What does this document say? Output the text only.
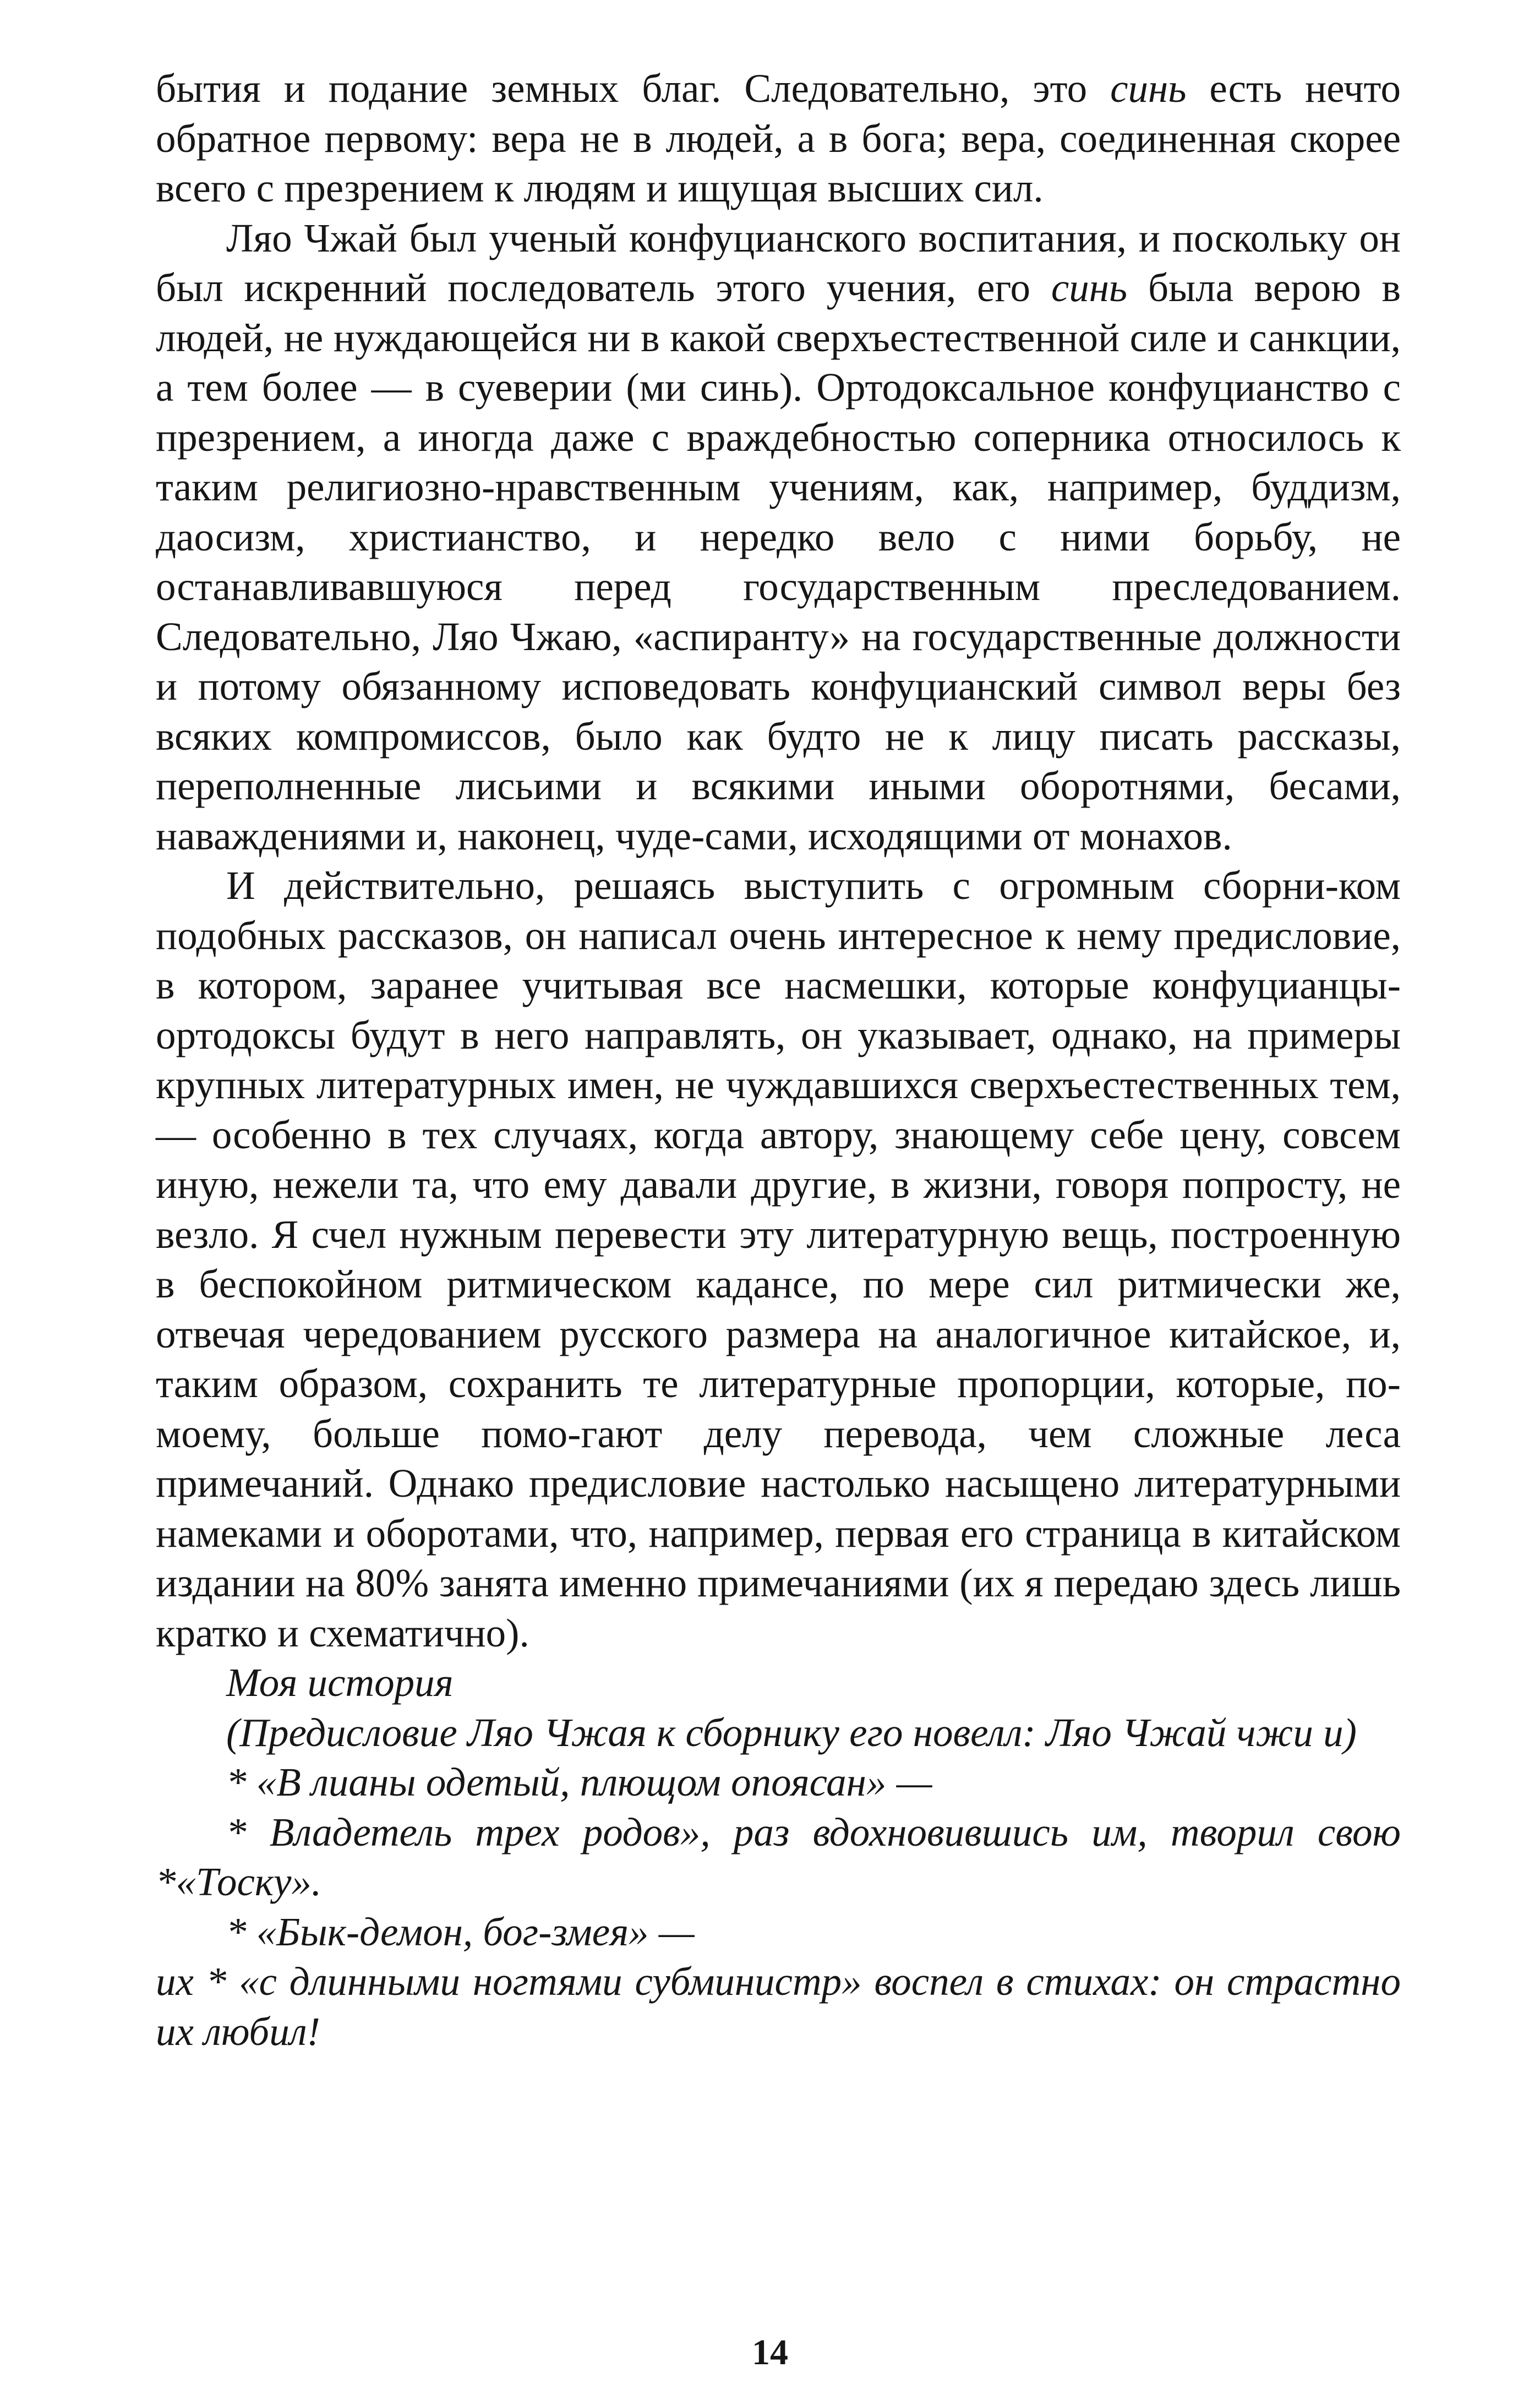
бытия и подание земных благ. Следовательно, это синь есть нечто обратное первому: вера не в людей, а в бога; вера, соединенная скорее всего с презрением к людям и ищущая высших сил.

Ляо Чжай был ученый конфуцианского воспитания, и поскольку он был искренний последователь этого учения, его синь была верою в людей, не нуждающейся ни в какой сверхъестественной силе и санкции, а тем более — в суеверии (ми синь). Ортодоксальное конфуцианство с презрением, а иногда даже с враждебностью соперника относилось к таким религиозно-нравственным учениям, как, например, буддизм, даосизм, христианство, и нередко вело с ними борьбу, не останавливавшуюся перед государственным преследованием. Следовательно, Ляо Чжаю, «аспиранту» на государственные должности и потому обязанному исповедовать конфуцианский символ веры без всяких компромиссов, было как будто не к лицу писать рассказы, переполненные лисьими и всякими иными оборотнями, бесами, наваждениями и, наконец, чуде-сами, исходящими от монахов.

И действительно, решаясь выступить с огромным сборни-ком подобных рассказов, он написал очень интересное к нему предисловие, в котором, заранее учитывая все насмешки, которые конфуцианцы-ортодоксы будут в него направлять, он указывает, однако, на примеры крупных литературных имен, не чуждавшихся сверхъестественных тем,— особенно в тех случаях, когда автору, знающему себе цену, совсем иную, нежели та, что ему давали другие, в жизни, говоря попросту, не везло. Я счел нужным перевести эту литературную вещь, построенную в беспокойном ритмическом кадансе, по мере сил ритмически же, отвечая чередованием русского размера на аналогичное китайское, и, таким образом, сохранить те литературные пропорции, которые, по-моему, больше помо-гают делу перевода, чем сложные леса примечаний. Однако предисловие настолько насыщено литературными намеками и оборотами, что, например, первая его страница в китайском издании на 80% занята именно примечаниями (их я передаю здесь лишь кратко и схематично).

Моя история

(Предисловие Ляо Чжая к сборнику его новелл: Ляо Чжай чжи и)

* «В лианы одетый, плющом опоясан» —

* Владетель трех родов», раз вдохновившись им, творил свою *«Тоску».

* «Бык-демон, бог-змея» —

их * «с длинными ногтями субминистр» воспел в стихах: он страстно их любил!

14
